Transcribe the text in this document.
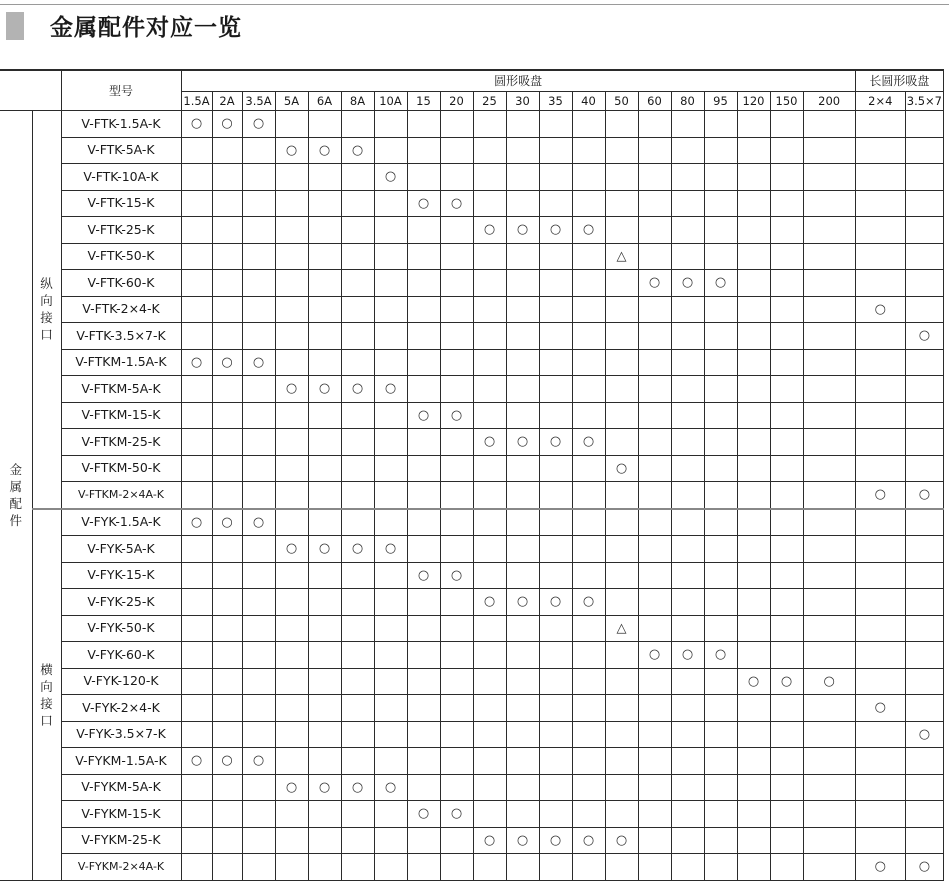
金属配件对应一览
		型号	圆形吸盘																				长圆形吸盘	
			1.5A	2A	3.5A	5A	6A	8A	10A	15	20	25	30	35	40	50	60	80	95	120	150	200	2×4	3.5×7

金
属
配
件	纵
向
接
口	V-FTK-1.5A-K	○	○	○																			
		V-FTK-5A-K				○	○	○																
		V-FTK-10A-K							○															
		V-FTK-15-K								○	○													
		V-FTK-25-K										○	○	○	○									
		V-FTK-50-K														△								
		V-FTK-60-K															○	○	○					
		V-FTK-2×4-K																					○	
		V-FTK-3.5×7-K																						○
		V-FTKM-1.5A-K	○	○	○																			
		V-FTKM-5A-K				○	○	○	○															
		V-FTKM-15-K								○	○													
		V-FTKM-25-K										○	○	○	○									
		V-FTKM-50-K														○								
		V-FTKM-2×4A-K																					○	○

	横
向
接
口	V-FYK-1.5A-K	○	○	○																			
		V-FYK-5A-K				○	○	○	○															
		V-FYK-15-K								○	○													
		V-FYK-25-K										○	○	○	○									
		V-FYK-50-K														△								
		V-FYK-60-K															○	○	○					
		V-FYK-120-K																		○	○	○		
		V-FYK-2×4-K																					○	
		V-FYK-3.5×7-K																						○
		V-FYKM-1.5A-K	○	○	○																			
		V-FYKM-5A-K				○	○	○	○															
		V-FYKM-15-K								○	○													
		V-FYKM-25-K										○	○	○	○	○								
		V-FYKM-2×4A-K																					○	○
